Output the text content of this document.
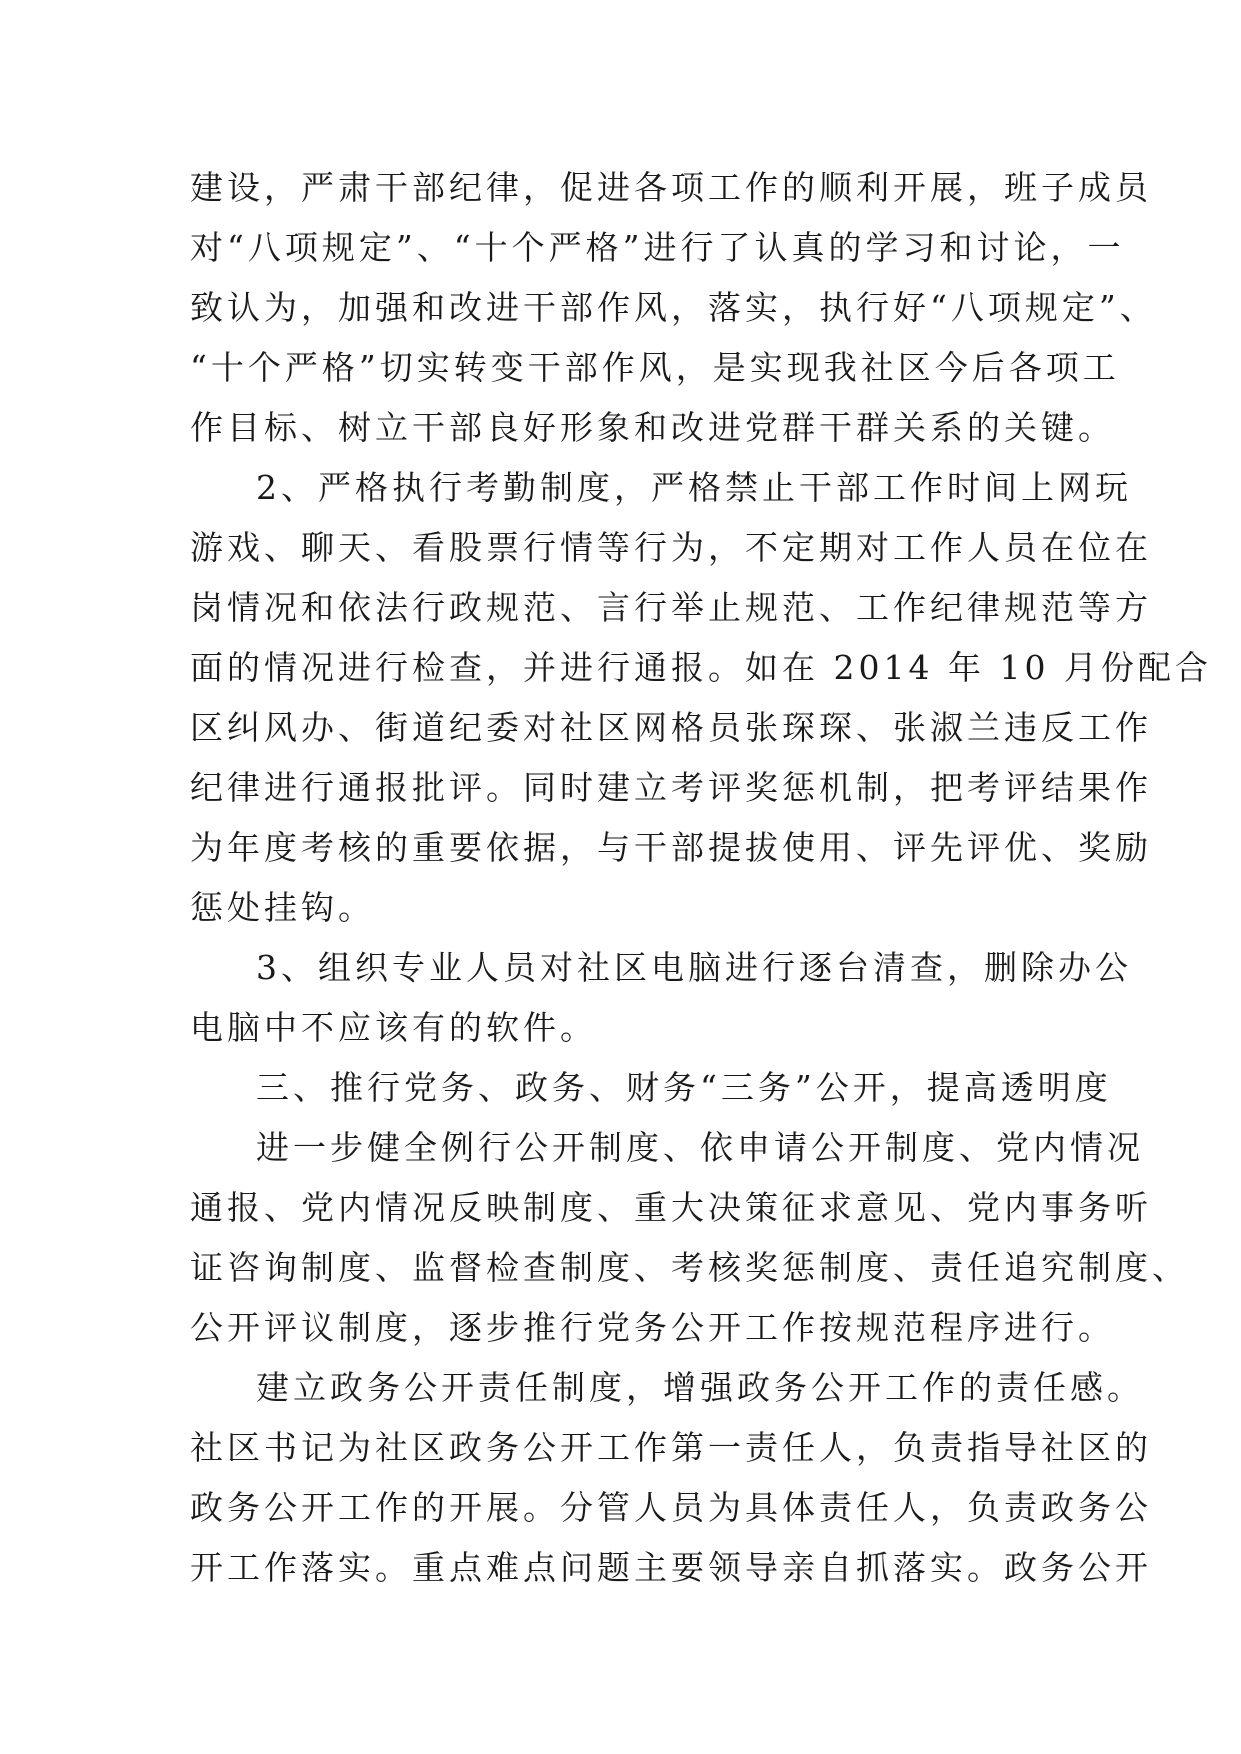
建设，严肃干部纪律，促进各项工作的顺利开展，班子成员
对“八项规定”、“十个严格”进行了认真的学习和讨论，一
致认为，加强和改进干部作风，落实，执行好“八项规定”、
“十个严格”切实转变干部作风，是实现我社区今后各项工
作目标、树立干部良好形象和改进党群干群关系的关键。
2、严格执行考勤制度，严格禁止干部工作时间上网玩
游戏、聊天、看股票行情等行为，不定期对工作人员在位在
岗情况和依法行政规范、言行举止规范、工作纪律规范等方
面的情况进行检查，并进行通报。如在 2014 年 10 月份配合
区纠风办、街道纪委对社区网格员张琛琛、张淑兰违反工作
纪律进行通报批评。同时建立考评奖惩机制，把考评结果作
为年度考核的重要依据，与干部提拔使用、评先评优、奖励
惩处挂钩。
3、组织专业人员对社区电脑进行逐台清查，删除办公
电脑中不应该有的软件。
三、推行党务、政务、财务“三务”公开，提高透明度
进一步健全例行公开制度、依申请公开制度、党内情况
通报、党内情况反映制度、重大决策征求意见、党内事务听
证咨询制度、监督检查制度、考核奖惩制度、责任追究制度、
公开评议制度，逐步推行党务公开工作按规范程序进行。
建立政务公开责任制度，增强政务公开工作的责任感。
社区书记为社区政务公开工作第一责任人，负责指导社区的
政务公开工作的开展。分管人员为具体责任人，负责政务公
开工作落实。重点难点问题主要领导亲自抓落实。政务公开
